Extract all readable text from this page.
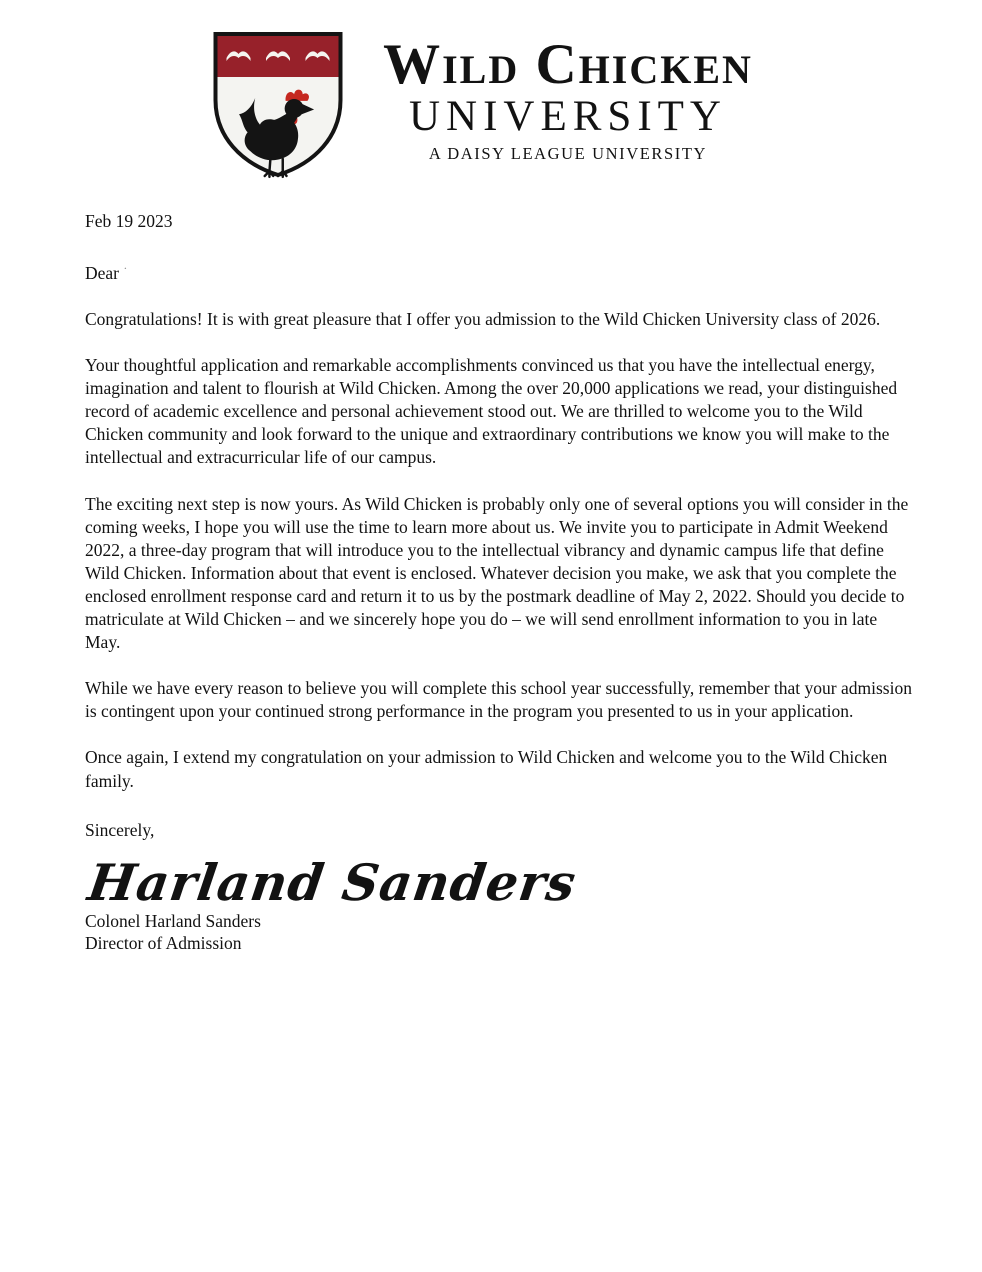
Wild Chicken
UNIVERSITY
A DAISY LEAGUE UNIVERSITY
Feb 19 2023
Dear ·

Congratulations! It is with great pleasure that I offer you admission to the Wild Chicken University class of 2026.

Your thoughtful application and remarkable accomplishments convinced us that you have the intellectual energy, imagination and talent to flourish at Wild Chicken. Among the over 20,000 applications we read, your distinguished record of academic excellence and personal achievement stood out. We are thrilled to welcome you to the Wild Chicken community and look forward to the unique and extraordinary contributions we know you will make to the intellectual and extracurricular life of our campus.

The exciting next step is now yours. As Wild Chicken is probably only one of several options you will consider in the coming weeks, I hope you will use the time to learn more about us. We invite you to participate in Admit Weekend 2022, a three-day program that will introduce you to the intellectual vibrancy and dynamic campus life that define Wild Chicken. Information about that event is enclosed. Whatever decision you make, we ask that you complete the enclosed enrollment response card and return it to us by the postmark deadline of May 2, 2022. Should you decide to matriculate at Wild Chicken – and we sincerely hope you do – we will send enrollment information to you in late May.

While we have every reason to believe you will complete this school year successfully, remember that your admission is contingent upon your continued strong performance in the program you presented to us in your application.

Once again, I extend my congratulation on your admission to Wild Chicken and welcome you to the Wild Chicken family.

Sincerely,
Harland Sanders
Colonel Harland Sanders
Director of Admission
